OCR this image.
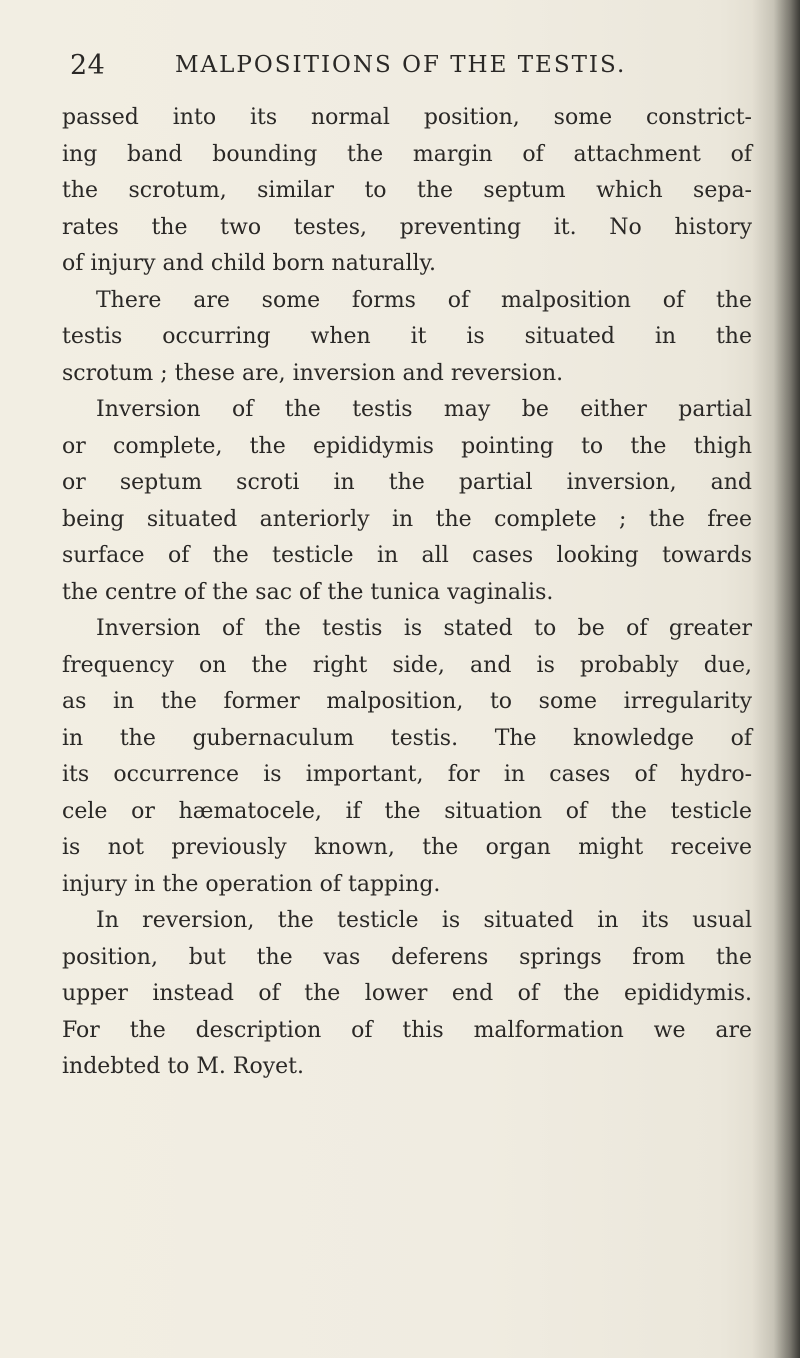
24	MALPOSITIONS OF THE TESTIS.
passed into its normal position, some constrict-
ing band bounding the margin of attachment of
the scrotum, similar to the septum which sepa-
rates the two testes, preventing it. No history
of injury and child born naturally.
There are some forms of malposition of the
testis occurring when it is situated in the
scrotum ; these are, inversion and reversion.
Inversion of the testis may be either partial
or complete, the epididymis pointing to the thigh
or septum scroti in the partial inversion, and
being situated anteriorly in the complete ; the free
surface of the testicle in all cases looking towards
the centre of the sac of the tunica vaginalis.
Inversion of the testis is stated to be of greater
frequency on the right side, and is probably due,
as in the former malposition, to some irregularity
in the gubernaculum testis. The knowledge of
its occurrence is important, for in cases of hydro-
cele or hæmatocele, if the situation of the testicle
is not previously known, the organ might receive
injury in the operation of tapping.
In reversion, the testicle is situated in its usual
position, but the vas deferens springs from the
upper instead of the lower end of the epididymis.
For the description of this malformation we are
indebted to M. Royet.
